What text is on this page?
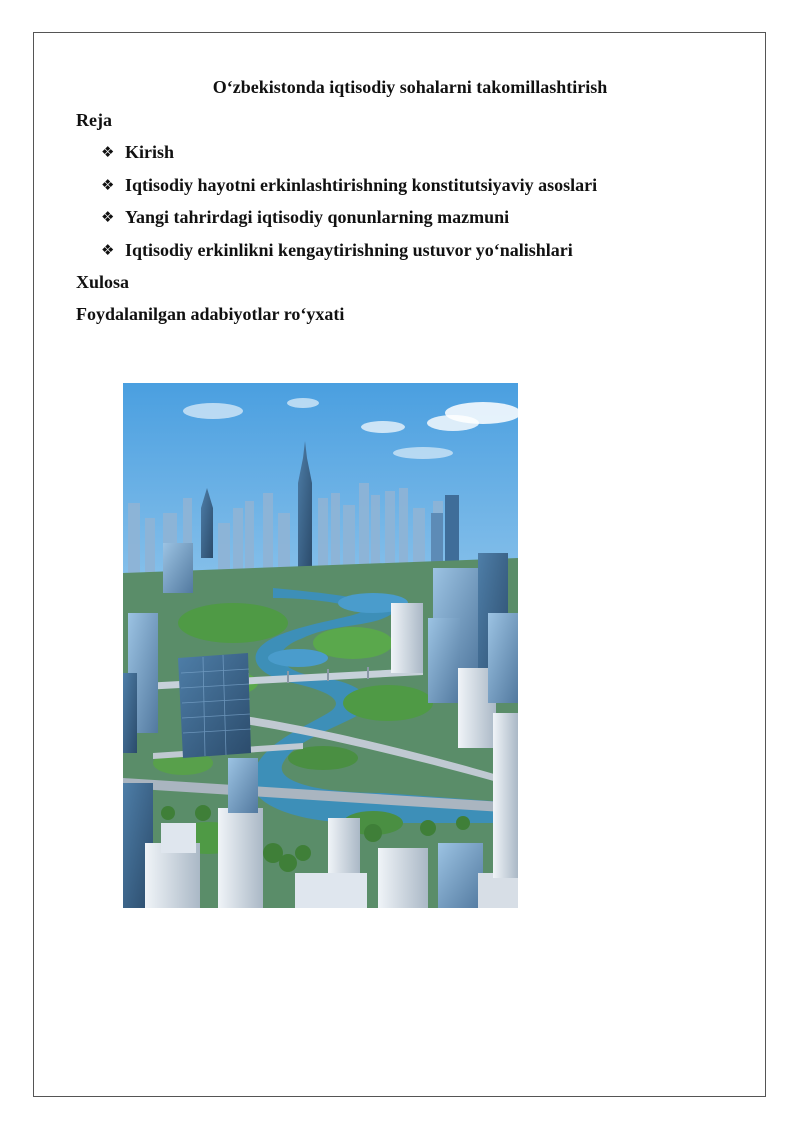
O‘zbekistonda iqtisodiy sohalarni takomillashtirish
Reja
❖ Kirish
❖ Iqtisodiy hayotni erkinlashtirishning konstitutsiyaviy asoslari
❖ Yangi tahrirdagi iqtisodiy qonunlarning mazmuni
❖ Iqtisodiy erkinlikni kengaytirishning ustuvor yo‘nalishlari
Xulosa
Foydalanilgan adabiyotlar ro‘yxati
